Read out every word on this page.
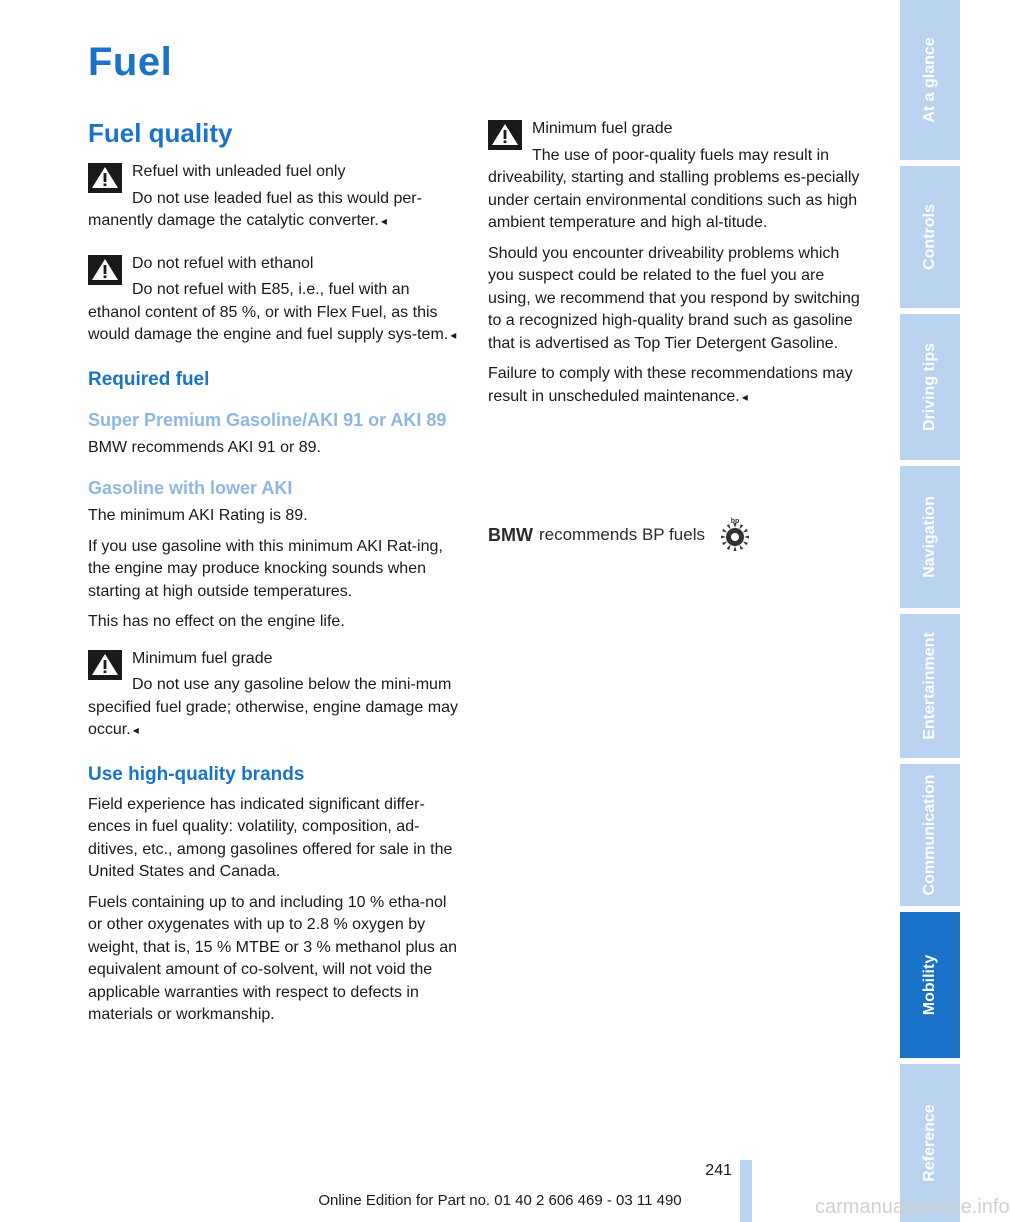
Fuel
Fuel quality

Refuel with unleaded fuel only

Do not use leaded fuel as this would per-manently damage the catalytic converter. ◂

Do not refuel with ethanol

Do not refuel with E85, i.e., fuel with an ethanol content of 85 %, or with Flex Fuel, as this would damage the engine and fuel supply sys-tem. ◂

Required fuel
Super Premium Gasoline/AKI 91 or AKI 89

BMW recommends AKI 91 or 89.

Gasoline with lower AKI

The minimum AKI Rating is 89.

If you use gasoline with this minimum AKI Rat-ing, the engine may produce knocking sounds when starting at high outside temperatures.

This has no effect on the engine life.

Minimum fuel grade

Do not use any gasoline below the mini-mum specified fuel grade; otherwise, engine damage may occur. ◂

Use high-quality brands

Field experience has indicated significant differ-ences in fuel quality: volatility, composition, ad-ditives, etc., among gasolines offered for sale in the United States and Canada.

Fuels containing up to and including 10 % etha-nol or other oxygenates with up to 2.8 % oxygen by weight, that is, 15 % MTBE or 3 % methanol plus an equivalent amount of co-solvent, will not void the applicable warranties with respect to defects in materials or workmanship.

Minimum fuel grade

The use of poor-quality fuels may result in driveability, starting and stalling problems es-pecially under certain environmental conditions such as high ambient temperature and high al-titude.

Should you encounter driveability problems which you suspect could be related to the fuel you are using, we recommend that you respond by switching to a recognized high-quality brand such as gasoline that is advertised as Top Tier Detergent Gasoline.

Failure to comply with these recommendations may result in unscheduled maintenance. ◂

BMW recommends BP fuels
bp
At a glance
Controls
Driving tips
Navigation
Entertainment
Communication
Mobility
Reference
241
Online Edition for Part no. 01 40 2 606 469 - 03 11 490	carmanualsonline.info
